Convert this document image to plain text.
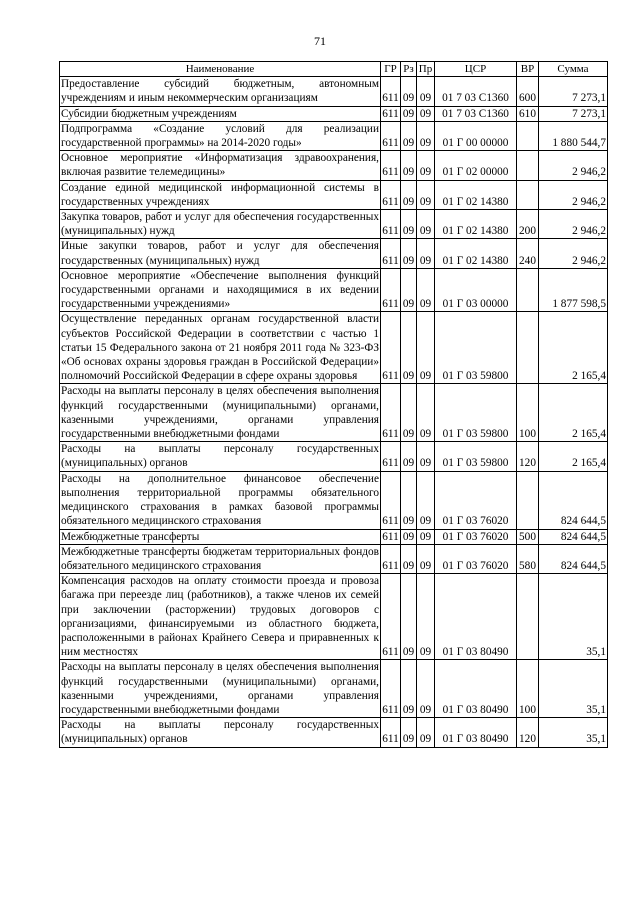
71
Наименование	ГР	Рз	Пр	ЦСР	ВР	Сумма
Предоставление субсидий бюджетным, автономным учреждениям и иным некоммерческим организациям	611	09	09	01 7 03 С1360	600	7 273,1
Субсидии бюджетным учреждениям	611	09	09	01 7 03 С1360	610	7 273,1
Подпрограмма «Создание условий для реализации государственной программы» на 2014-2020 годы»	611	09	09	01 Г 00 00000		1 880 544,7
Основное мероприятие «Информатизация здравоохранения, включая развитие телемедицины»	611	09	09	01 Г 02 00000		2 946,2
Создание единой медицинской информационной системы в государственных учреждениях	611	09	09	01 Г 02 14380		2 946,2
Закупка товаров, работ и услуг для обеспечения государственных (муниципальных) нужд	611	09	09	01 Г 02 14380	200	2 946,2
Иные закупки товаров, работ и услуг для обеспечения государственных (муниципальных) нужд	611	09	09	01 Г 02 14380	240	2 946,2
Основное мероприятие «Обеспечение выполнения функций государственными органами и находящимися в их ведении государственными учреждениями»	611	09	09	01 Г 03 00000		1 877 598,5
Осуществление переданных органам государственной власти субъектов Российской Федерации в соответствии с частью 1 статьи 15 Федерального закона от 21 ноября 2011 года № 323-ФЗ «Об основах охраны здоровья граждан в Российской Федерации» полномочий Российской Федерации в сфере охраны здоровья	611	09	09	01 Г 03 59800		2 165,4
Расходы на выплаты персоналу в целях обеспечения выполнения функций государственными (муниципальными) органами, казенными учреждениями, органами управления государственными внебюджетными фондами	611	09	09	01 Г 03 59800	100	2 165,4
Расходы на выплаты персоналу государственных (муниципальных) органов	611	09	09	01 Г 03 59800	120	2 165,4
Расходы на дополнительное финансовое обеспечение выполнения территориальной программы обязательного медицинского страхования в рамках базовой программы обязательного медицинского страхования	611	09	09	01 Г 03 76020		824 644,5
Межбюджетные трансферты	611	09	09	01 Г 03 76020	500	824 644,5
Межбюджетные трансферты бюджетам территориальных фондов обязательного медицинского страхования	611	09	09	01 Г 03 76020	580	824 644,5
Компенсация расходов на оплату стоимости проезда и провоза багажа при переезде лиц (работников), а также членов их семей при заключении (расторжении) трудовых договоров с организациями, финансируемыми из областного бюджета, расположенными в районах Крайнего Севера и приравненных к ним местностях	611	09	09	01 Г 03 80490		35,1
Расходы на выплаты персоналу в целях обеспечения выполнения функций государственными (муниципальными) органами, казенными учреждениями, органами управления государственными внебюджетными фондами	611	09	09	01 Г 03 80490	100	35,1
Расходы на выплаты персоналу государственных (муниципальных) органов	611	09	09	01 Г 03 80490	120	35,1
